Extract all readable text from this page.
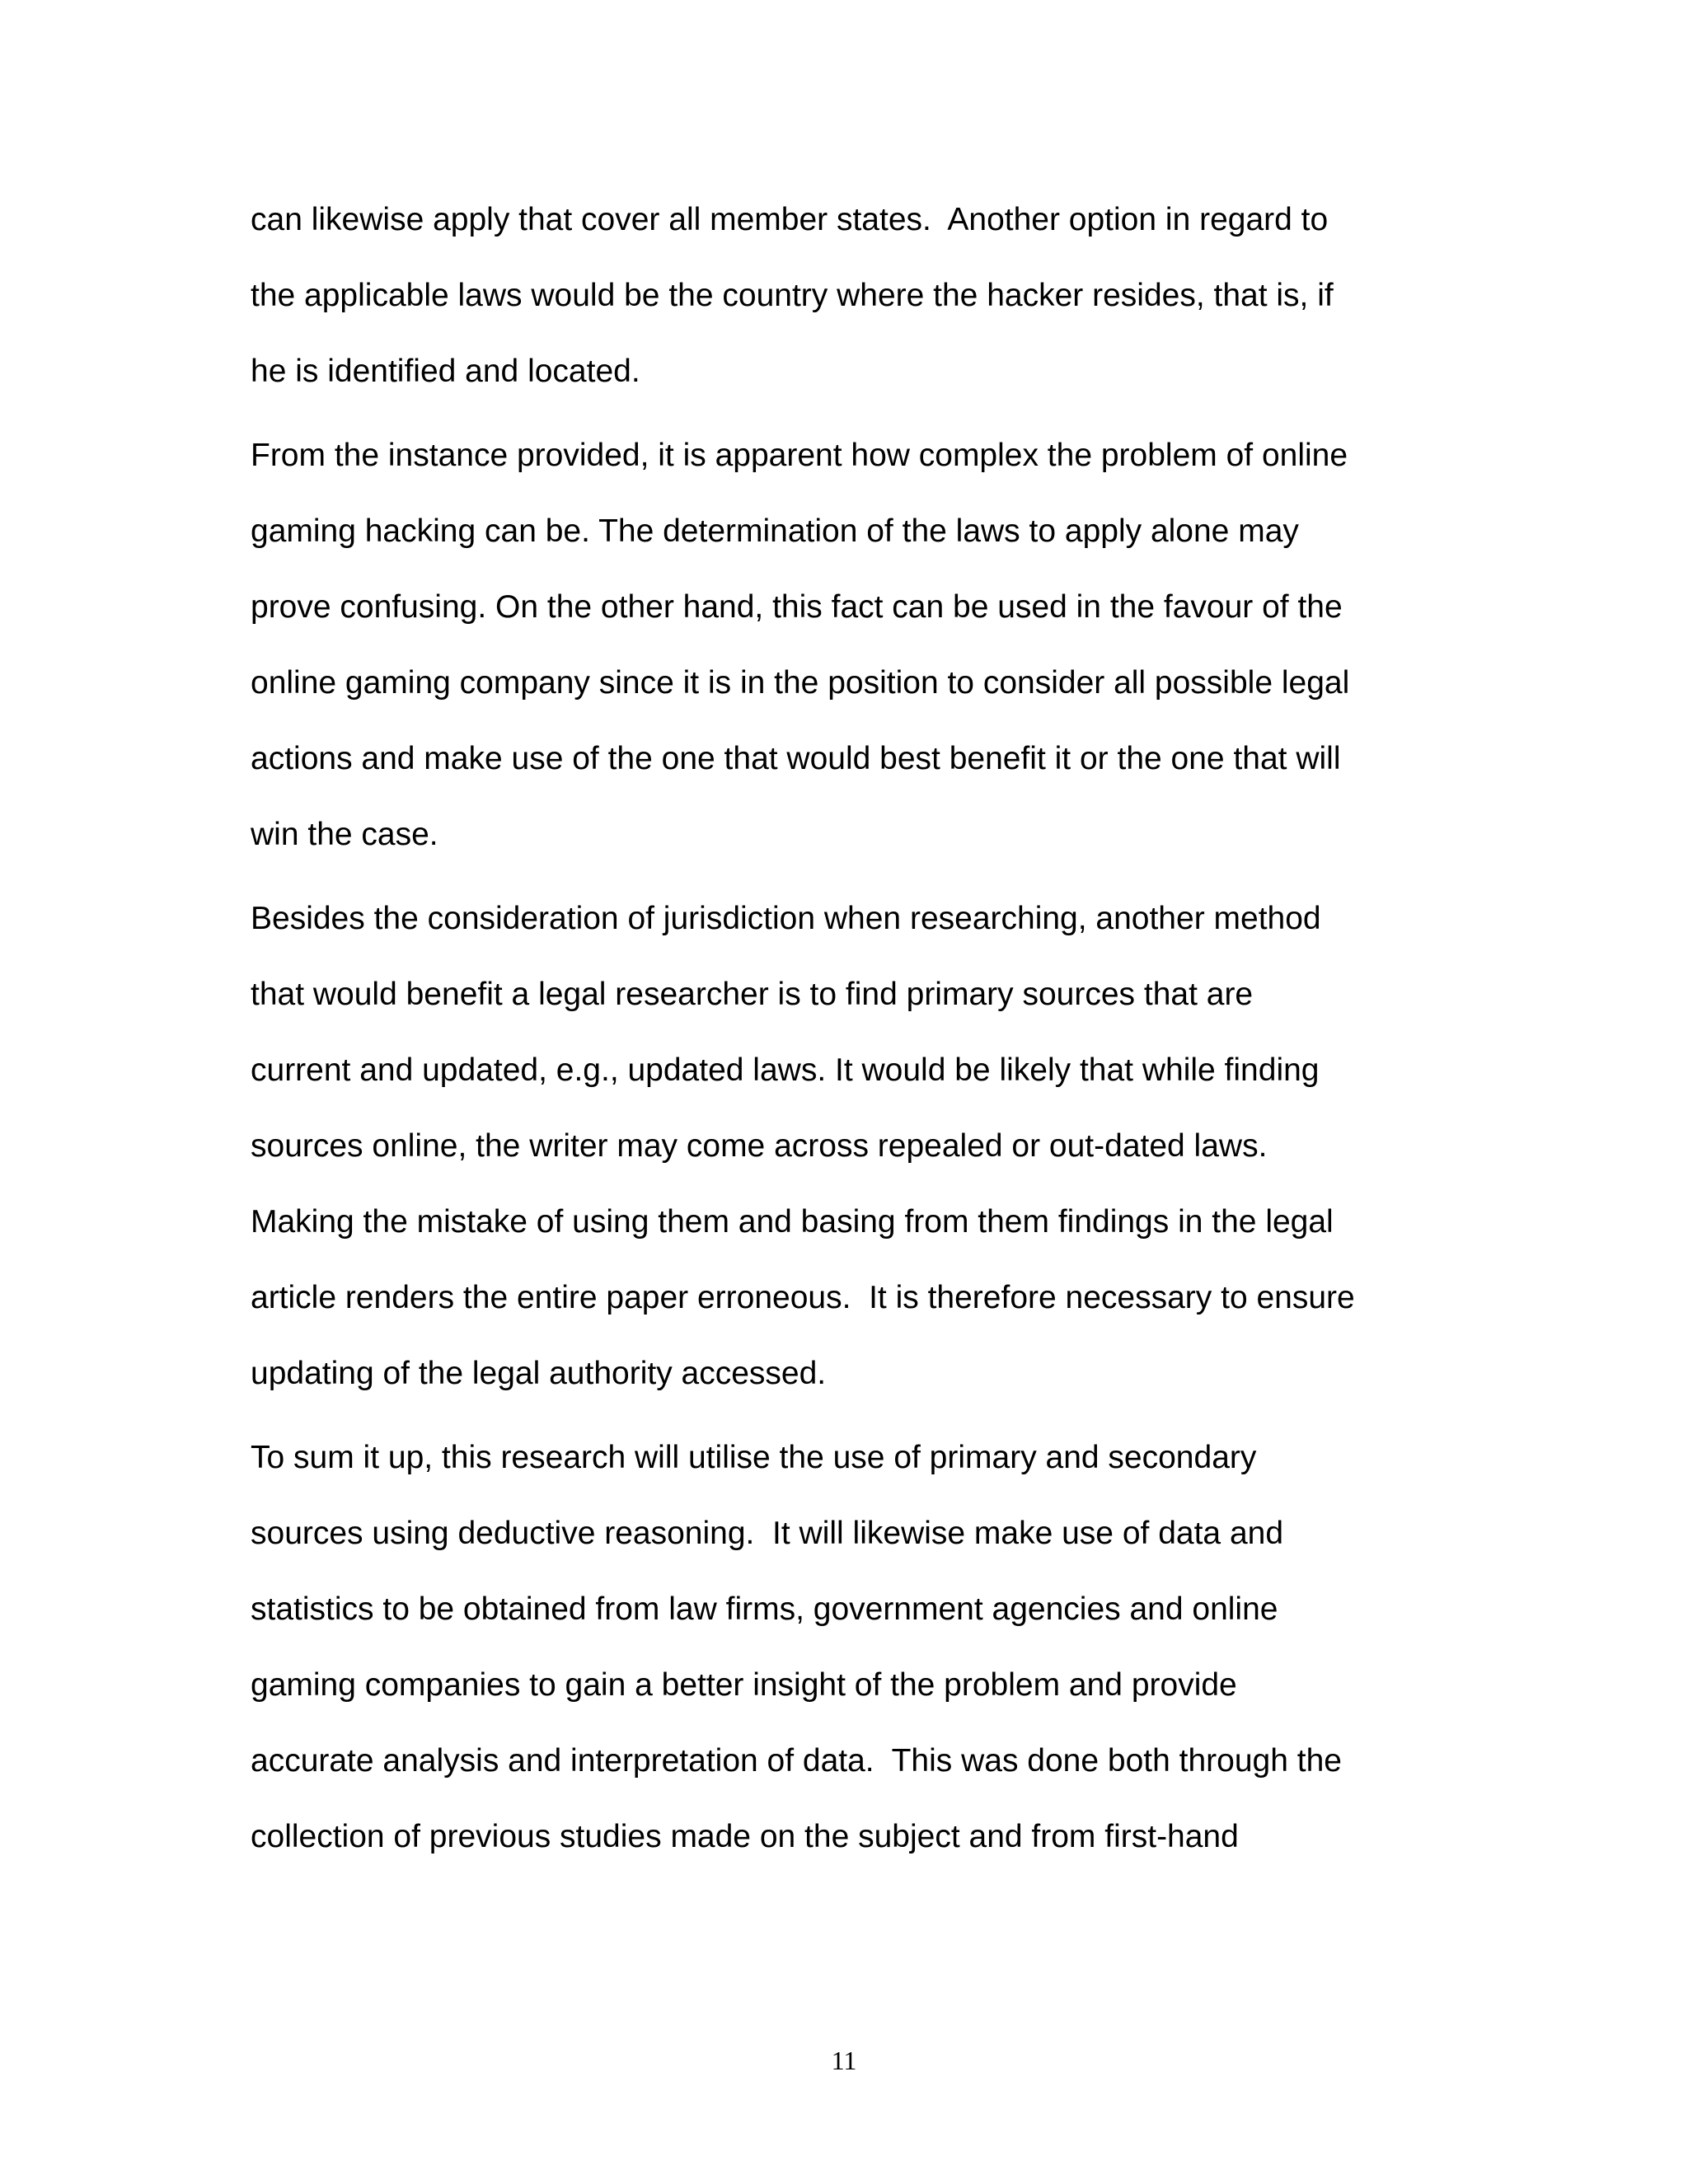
can likewise apply that cover all member states.  Another option in regard to
the applicable laws would be the country where the hacker resides, that is, if
he is identified and located.

From the instance provided, it is apparent how complex the problem of online
gaming hacking can be. The determination of the laws to apply alone may
prove confusing. On the other hand, this fact can be used in the favour of the
online gaming company since it is in the position to consider all possible legal
actions and make use of the one that would best benefit it or the one that will
win the case.

Besides the consideration of jurisdiction when researching, another method
that would benefit a legal researcher is to find primary sources that are
current and updated, e.g., updated laws. It would be likely that while finding
sources online, the writer may come across repealed or out-dated laws.
Making the mistake of using them and basing from them findings in the legal
article renders the entire paper erroneous.  It is therefore necessary to ensure
updating of the legal authority accessed.

To sum it up, this research will utilise the use of primary and secondary
sources using deductive reasoning.  It will likewise make use of data and
statistics to be obtained from law firms, government agencies and online
gaming companies to gain a better insight of the problem and provide
accurate analysis and interpretation of data.  This was done both through the
collection of previous studies made on the subject and from first-hand

11
